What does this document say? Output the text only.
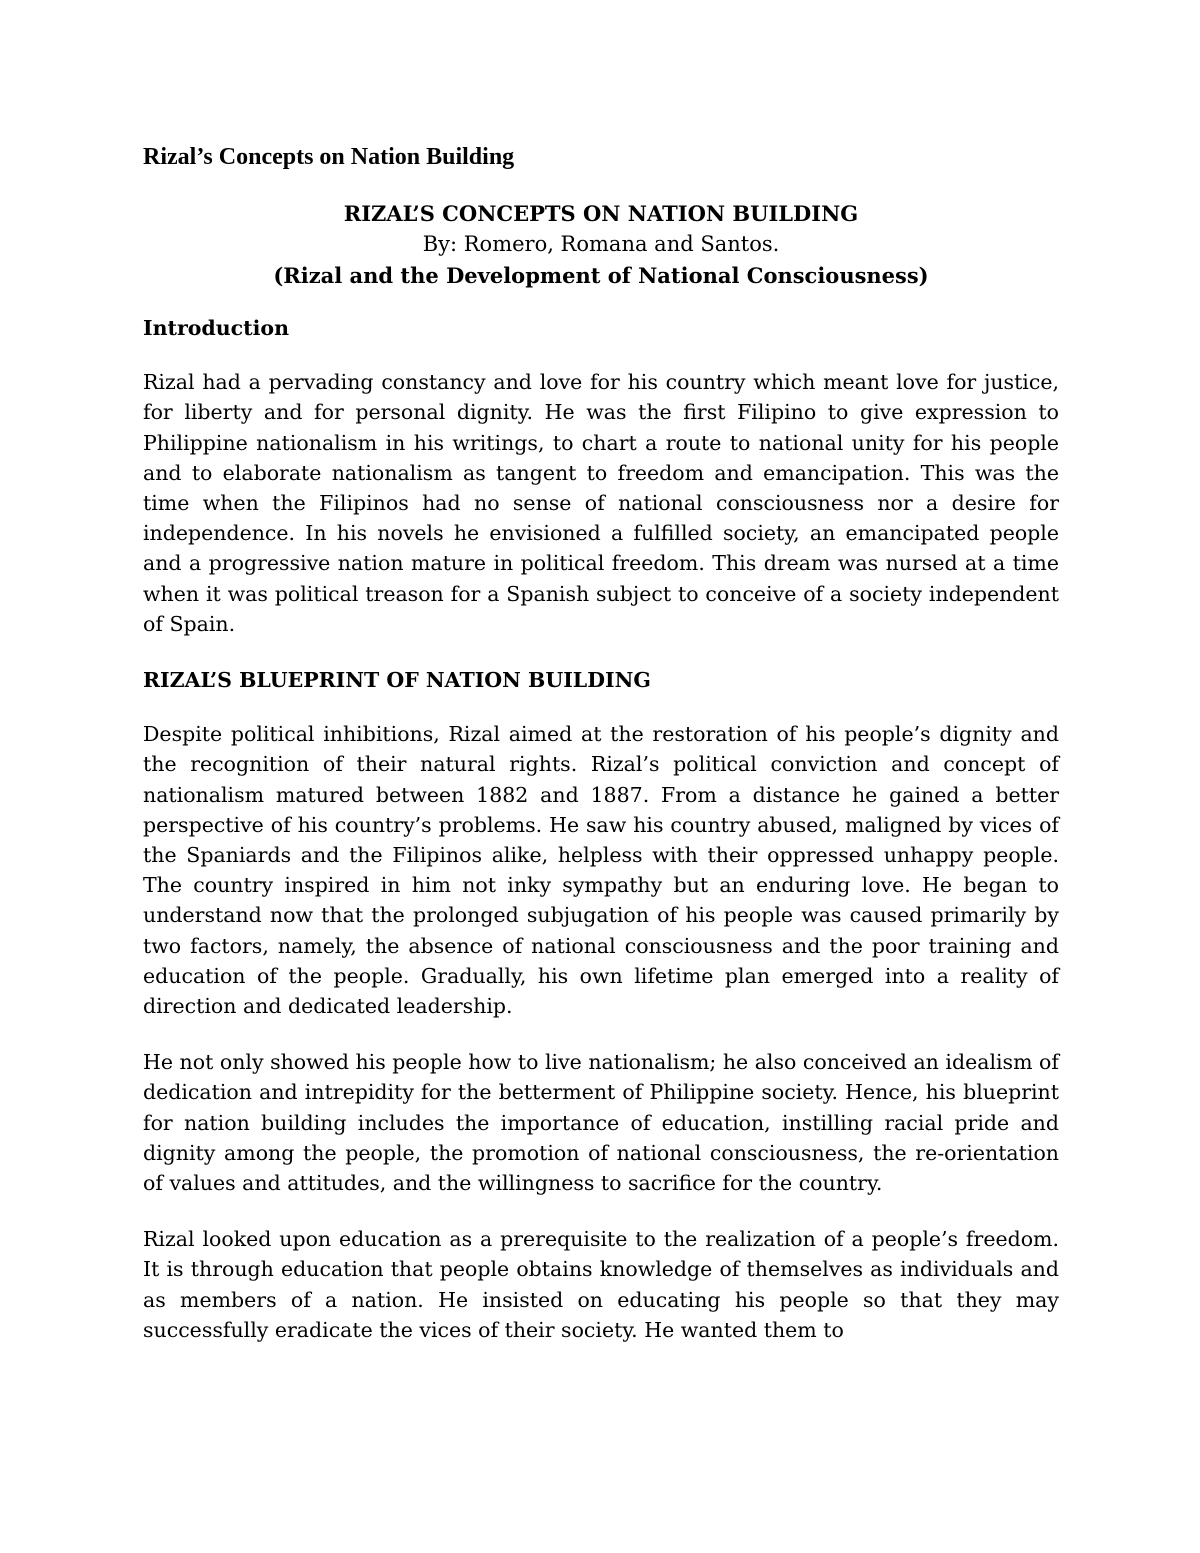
Rizal’s Concepts on Nation Building
RIZAL’S CONCEPTS ON NATION BUILDING
By: Romero, Romana and Santos.
(Rizal and the Development of National Consciousness)
Introduction

Rizal had a pervading constancy and love for his country which meant love for justice, for liberty and for personal dignity. He was the first Filipino to give expression to Philippine nationalism in his writings, to chart a route to national unity for his people and to elaborate nationalism as tangent to freedom and emancipation. This was the time when the Filipinos had no sense of national consciousness nor a desire for independence. In his novels he envisioned a fulfilled society, an emancipated people and a progressive nation mature in political freedom. This dream was nursed at a time when it was political treason for a Spanish subject to conceive of a society independent of Spain.

RIZAL’S BLUEPRINT OF NATION BUILDING

Despite political inhibitions, Rizal aimed at the restoration of his people’s dignity and the recognition of their natural rights. Rizal’s political conviction and concept of nationalism matured between 1882 and 1887. From a distance he gained a better perspective of his country’s problems. He saw his country abused, maligned by vices of the Spaniards and the Filipinos alike, helpless with their oppressed unhappy people. The country inspired in him not inky sympathy but an enduring love. He began to understand now that the prolonged subjugation of his people was caused primarily by two factors, namely, the absence of national consciousness and the poor training and education of the people. Gradually, his own lifetime plan emerged into a reality of direction and dedicated leadership.

He not only showed his people how to live nationalism; he also conceived an idealism of dedication and intrepidity for the betterment of Philippine society. Hence, his blueprint for nation building includes the importance of education, instilling racial pride and dignity among the people, the promotion of national consciousness, the re-orientation of values and attitudes, and the willingness to sacrifice for the country.

Rizal looked upon education as a prerequisite to the realization of a people’s freedom. It is through education that people obtains knowledge of themselves as individuals and as members of a nation. He insisted on educating his people so that they may successfully eradicate the vices of their society. He wanted them to
